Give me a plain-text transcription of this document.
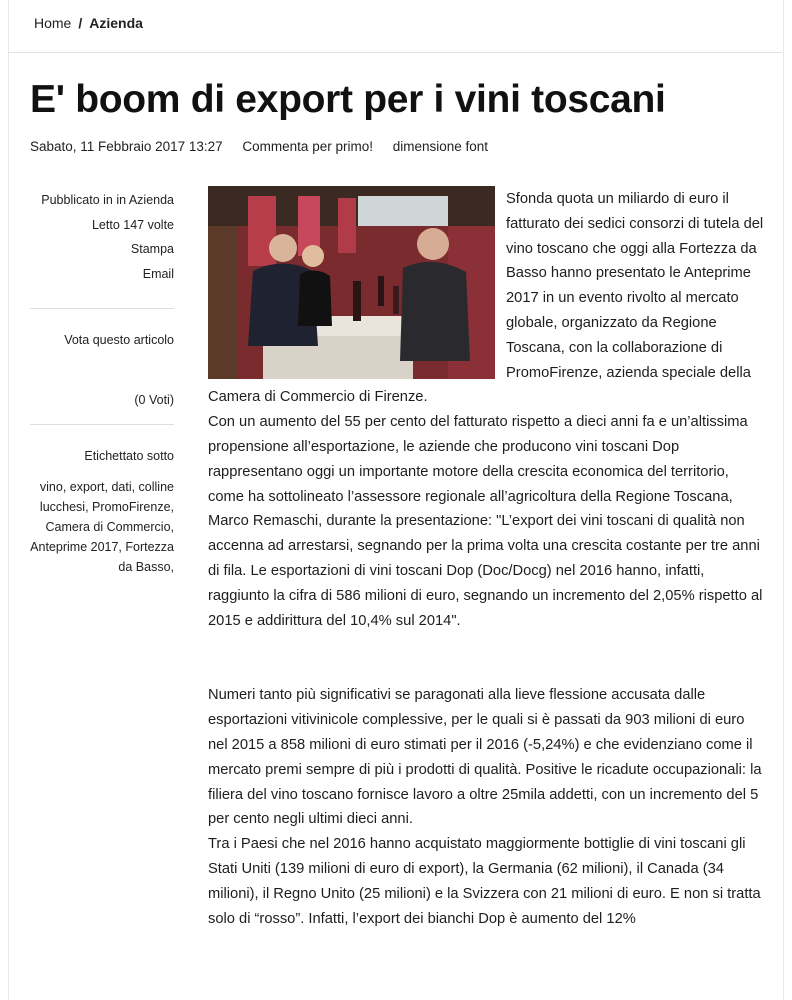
Home / Azienda
E' boom di export per i vini toscani
Sabato, 11 Febbraio 2017 13:27 Commenta per primo! dimensione font
Pubblicato in in Azienda
Letto 147 volte
Stampa
Email
Vota questo articolo
(0 Voti)
Etichettato sotto
vino, export, dati, colline lucchesi, PromoFirenze, Camera di Commercio, Anteprime 2017, Fortezza da Basso,

Sfonda quota un miliardo di euro il fatturato dei sedici consorzi di tutela del vino toscano che oggi alla Fortezza da Basso hanno presentato le Anteprime 2017 in un evento rivolto al mercato globale, organizzato da Regione Toscana, con la collaborazione di PromoFirenze, azienda speciale della Camera di Commercio di Firenze.

Con un aumento del 55 per cento del fatturato rispetto a dieci anni fa e un’altissima propensione all’esportazione, le aziende che producono vini toscani Dop rappresentano oggi un importante motore della crescita economica del territorio, come ha sottolineato l’assessore regionale all’agricoltura della Regione Toscana, Marco Remaschi, durante la presentazione: "L’export dei vini toscani di qualità non accenna ad arrestarsi, segnando per la prima volta una crescita costante per tre anni di fila. Le esportazioni di vini toscani Dop (Doc/Docg) nel 2016 hanno, infatti, raggiunto la cifra di 586 milioni di euro, segnando un incremento del 2,05% rispetto al 2015 e addirittura del 10,4% sul 2014".

Numeri tanto più significativi se paragonati alla lieve flessione accusata dalle esportazioni vitivinicole complessive, per le quali si è passati da 903 milioni di euro nel 2015 a 858 milioni di euro stimati per il 2016 (-5,24%) e che evidenziano come il mercato premi sempre di più i prodotti di qualità. Positive le ricadute occupazionali: la filiera del vino toscano fornisce lavoro a oltre 25mila addetti, con un incremento del 5 per cento negli ultimi dieci anni.

Tra i Paesi che nel 2016 hanno acquistato maggiormente bottiglie di vini toscani gli Stati Uniti (139 milioni di euro di export), la Germania (62 milioni), il Canada (34 milioni), il Regno Unito (25 milioni) e la Svizzera con 21 milioni di euro. E non si tratta solo di “rosso”. Infatti, l’export dei bianchi Dop è aumento del 12%
